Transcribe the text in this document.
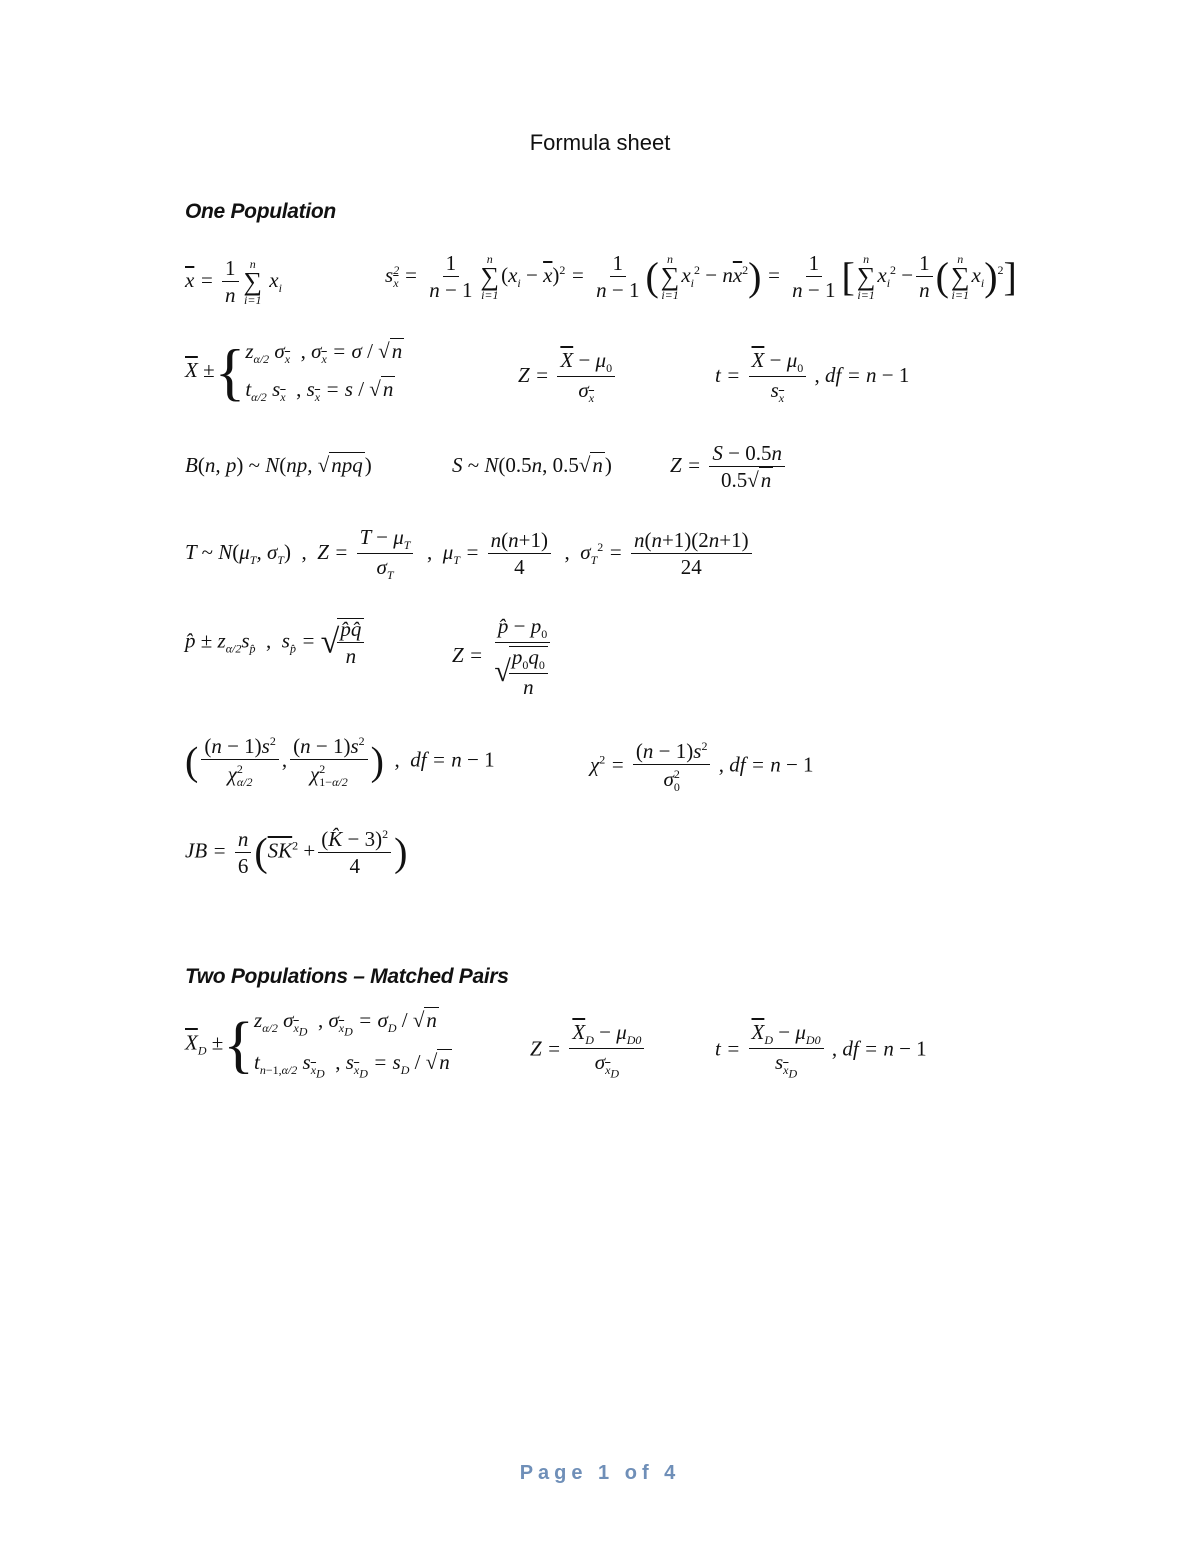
Formula sheet
One Population
$\overline{x} = \frac{1}{n}$ n
∑
i=1
$x_i$
$s^2_{\overline{x}} = \frac{1}{n - 1}$ n
∑
i=1
$(x_i - \overline{x})^2 = \frac{1}{n - 1}$ ( n
∑
i=1
$x_i^2 - n\overline{x}^2) = \frac{1}{n - 1}$ [ n
∑
i=1
$x_i^2 - \frac{1}{n}$ ( n
∑
i=1
$x_i)^2$]
$\overline{X}$ ±{ $z_{\alpha/2}$ $\sigma_{\overline{x}}$ , $\sigma_{\overline{x}} = \sigma / √n$
$t_{\alpha/2}$ $s_{\overline{x}}$ , $s_{\overline{x}} = s / √n$
$Z = \frac{\overline{X} - \mu_0}{\sigma_{\overline{x}}}$	$t = \frac{\overline{X} - \mu_0}{s_{\overline{x}}}$ , df = n − 1
B(n, p) ~ N(np, √npq)	S ~ N(0.5n, 0.5√n)	$Z = \frac{S - 0.5n}{0.5√n}$
T ~ $N(\mu_T$, $\sigma_T$) ,  $Z = \frac{T - \mu_T}{\sigma_T}$ ,  $\mu_T = \frac{n(n+1)}{4}$ ,  $\sigma_T^2 = \frac{n(n+1)(2n+1)}{24}$
p̂ ± $z_{\alpha/2}s_{p̂}$ ,  $s_{p̂}$ = √
$\frac{p̂q̂}{n}$	Z = p̂ − $p_0$
√
$\frac{p_0q_0}{n}$
( $\frac{(n - 1)s^2}{\chi^2_{\alpha/2}}$ , $\frac{(n - 1)s^2}{\chi^2_{1-\alpha/2}}$ ) ,  df = n − 1	$\chi^2 = \frac{(n - 1)s^2}{\sigma^2_0}$ , df = n − 1
JB = $\frac{n}{6} (\overline{SK}^2 + \frac{(K̂ - 3)^2}{4}$ )
Two Populations – Matched Pairs
$\overline{X}_D$ ±{ $z_{\alpha/2}$ $\sigma_{\overline{x}_D}$ , $\sigma_{\overline{x}_D} = \sigma_D / √n$
$t_{n-1,\alpha/2}$ $s_{\overline{x}_D}$ , $s_{\overline{x}_D} = s_D / √n$
$Z = \frac{\overline{X}_D - \mu_{D0}}{\sigma_{\overline{x}_D}}$	$t = \frac{\overline{X}_D - \mu_{D0}}{s_{\overline{x}_D}}$ , df = n − 1
Page 1 of 4
